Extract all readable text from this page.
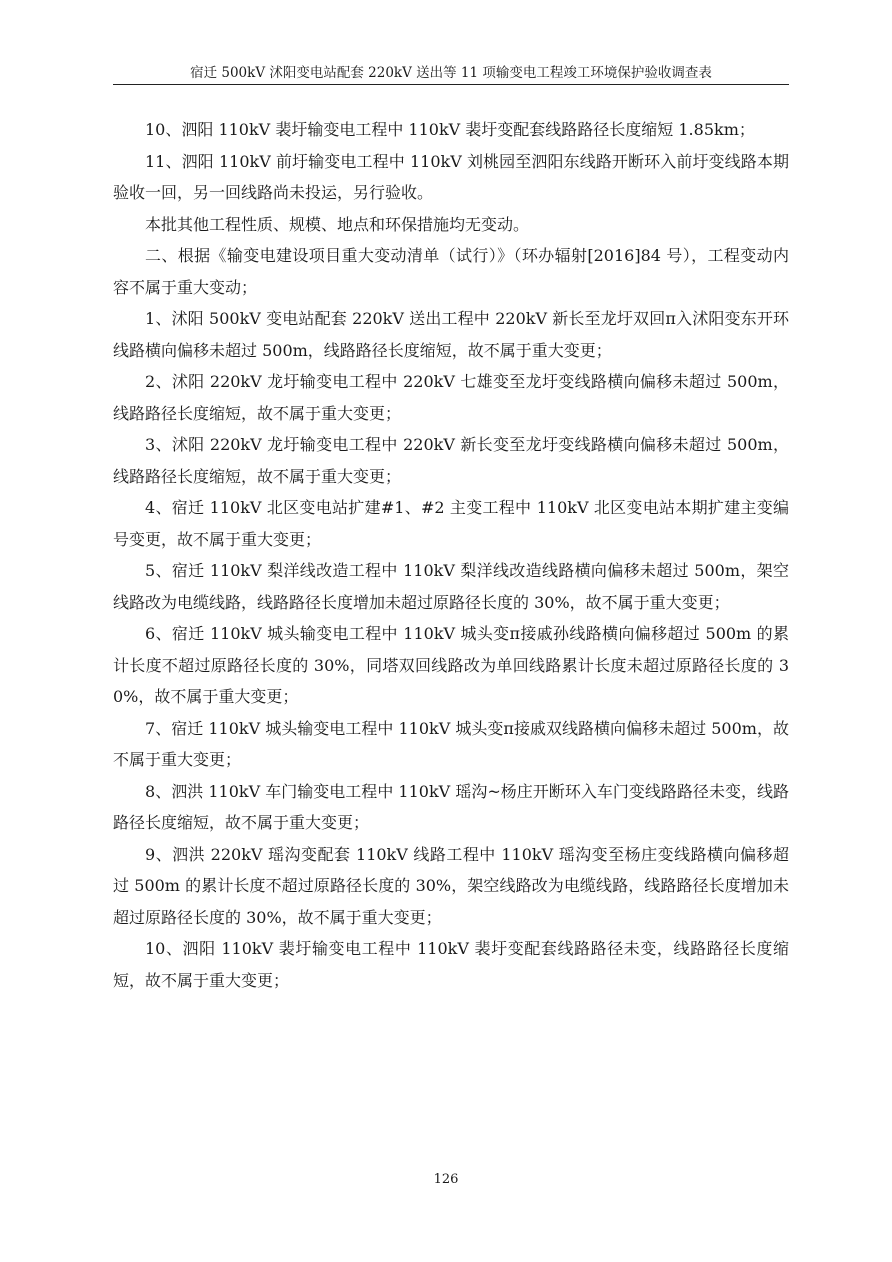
宿迁 500kV 沭阳变电站配套 220kV 送出等 11 项输变电工程竣工环境保护验收调查表

10、泗阳 110kV 裴圩输变电工程中 110kV 裴圩变配套线路路径长度缩短 1.85km；

11、泗阳 110kV 前圩输变电工程中 110kV 刘桃园至泗阳东线路开断环入前圩变线路本期验收一回，另一回线路尚未投运，另行验收。

本批其他工程性质、规模、地点和环保措施均无变动。

二、根据《输变电建设项目重大变动清单（试行）》（环办辐射[2016]84 号），工程变动内容不属于重大变动；

1、沭阳 500kV 变电站配套 220kV 送出工程中 220kV 新长至龙圩双回π入沭阳变东开环线路横向偏移未超过 500m，线路路径长度缩短，故不属于重大变更；

2、沭阳 220kV 龙圩输变电工程中 220kV 七雄变至龙圩变线路横向偏移未超过 500m，线路路径长度缩短，故不属于重大变更；

3、沭阳 220kV 龙圩输变电工程中 220kV 新长变至龙圩变线路横向偏移未超过 500m，线路路径长度缩短，故不属于重大变更；

4、宿迁 110kV 北区变电站扩建#1、#2 主变工程中 110kV 北区变电站本期扩建主变编号变更，故不属于重大变更；

5、宿迁 110kV 梨洋线改造工程中 110kV 梨洋线改造线路横向偏移未超过 500m，架空线路改为电缆线路，线路路径长度增加未超过原路径长度的 30%，故不属于重大变更；

6、宿迁 110kV 城头输变电工程中 110kV 城头变π接戚孙线路横向偏移超过 500m 的累计长度不超过原路径长度的 30%，同塔双回线路改为单回线路累计长度未超过原路径长度的 30%，故不属于重大变更；

7、宿迁 110kV 城头输变电工程中 110kV 城头变π接戚双线路横向偏移未超过 500m，故不属于重大变更；

8、泗洪 110kV 车门输变电工程中 110kV 瑶沟~杨庄开断环入车门变线路路径未变，线路路径长度缩短，故不属于重大变更；

9、泗洪 220kV 瑶沟变配套 110kV 线路工程中 110kV 瑶沟变至杨庄变线路横向偏移超过 500m 的累计长度不超过原路径长度的 30%，架空线路改为电缆线路，线路路径长度增加未超过原路径长度的 30%，故不属于重大变更；

10、泗阳 110kV 裴圩输变电工程中 110kV 裴圩变配套线路路径未变，线路路径长度缩短，故不属于重大变更；

126
